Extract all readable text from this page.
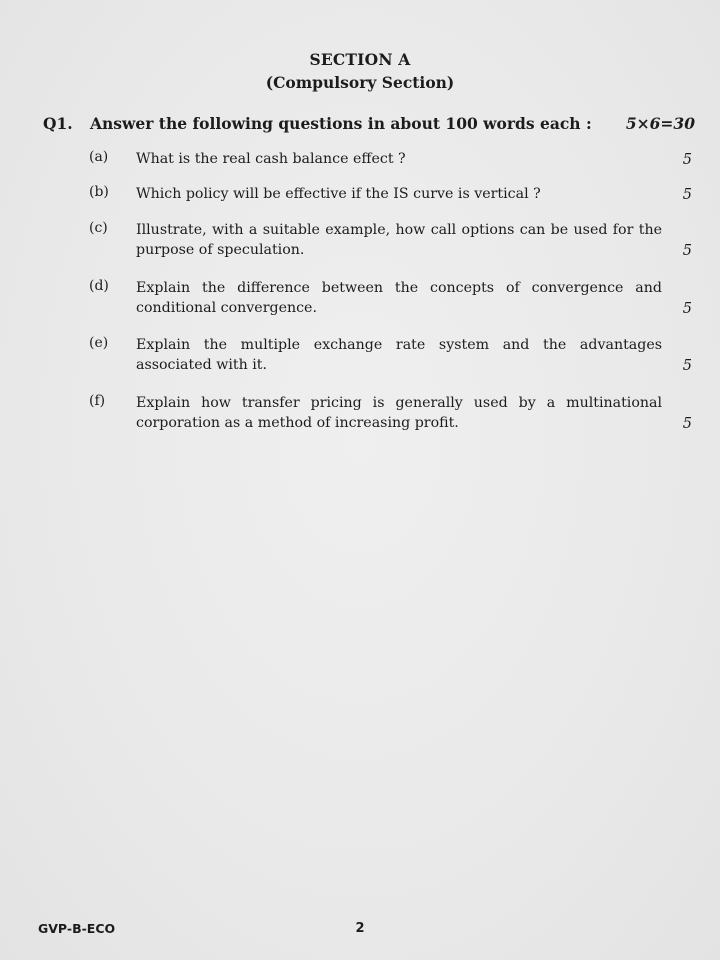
SECTION A
(Compulsory Section)
Q1. Answer the following questions in about 100 words each : 5×6=30
(a) What is the real cash balance effect ?	5
(b) Which policy will be effective if the IS curve is vertical ?	5
(c) Illustrate, with a suitable example, how call options can be used for the purpose of speculation.	5
(d) Explain the difference between the concepts of convergence and conditional convergence.	5
(e) Explain the multiple exchange rate system and the advantages associated with it.	5
(f) Explain how transfer pricing is generally used by a multinational corporation as a method of increasing profit.	5
GVP-B-ECO	2
